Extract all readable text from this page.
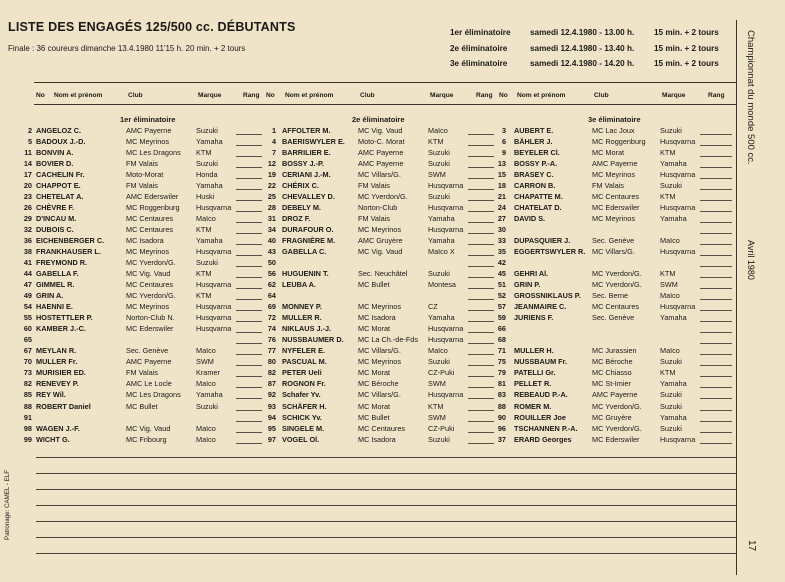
LISTE DES ENGAGÉS 125/500 cc. DÉBUTANTS
Finale : 36 coureurs dimanche 13.4.1980 11'15 h. 20 min. + 2 tours
1er éliminatoire	samedi 12.4.1980 - 13.00 h.	15 min. + 2 tours
2e éliminatoire	samedi 12.4.1980 - 13.40 h.	15 min. + 2 tours
3e éliminatoire	samedi 12.4.1980 - 14.20 h.	15 min. + 2 tours	Championnat du monde 500 cc.
Avril 1980
17
Patronage: CAMEL - ELF
No Nom et prénom	Club	Marque	Rang No Nom et prénom	Club	Marque	Rang No Nom et prénom	Club	Marque	Rang
1er éliminatoire	2e éliminatoire	3e éliminatoire
2 ANGELOZ C.	AMC Payerne	Suzuki
5 BADOUX J.-D.	MC Meyrinos	Yamaha
11 BONVIN A.	MC Les Dragons	KTM
14 BOVIER D.	FM Valais	Suzuki
17 CACHELIN Fr.	Moto-Morat	Honda
20 CHAPPOT E.	FM Valais	Yamaha
23 CHETELAT A.	AMC Ederswiler	Huski
26 CHÈVRE F.	MC Roggenburg	Husqvarna
29 D'INCAU M.	MC Centaures	Maïco
32 DUBOIS C.	MC Centaures	KTM
36 EICHENBERGER C.	MC Isadora	Yamaha
38 FRANKHAUSER L.	MC Meyrinos	Husqvarna
41 FREYMOND R.	MC Yverdon/G.	Suzuki
44 GABELLA F.	MC Vig. Vaud	KTM
47 GIMMEL R.	MC Centaures	Husqvarna
49 GRIN A.	MC Yverdon/G.	KTM
54 HAENNI E.	MC Meyrinos	Husqvarna
55 HOSTETTLER P.	Norton-Club N.	Husqvarna
60 KAMBER J.-C.	MC Ederswiler	Husqvarna
65
67 MEYLAN R.	Sec. Genève	Maïco
70 MULLER Fr.	AMC Payerne	SWM
73 MURISIER ED.	FM Valais	Kramer
82 RENEVEY P.	AMC Le Locle	Maïco
85 REY Wil.	MC Les Dragons	Yamaha
88 ROBERT Daniel	MC Bullet	Suzuki
91
98 WAGEN J.-F.	MC Vig. Vaud	Maïco
99 WICHT G.	MC Fribourg	Maïco
1 AFFOLTER M.	MC Vig. Vaud	Maïco
4 BAERISWYLER E.	Moto-C. Morat	KTM
7 BARRILIER E.	AMC Payerne	Suzuki
12 BOSSY J.-P.	AMC Payerne	Suzuki
19 CERIANI J.-M.	MC Villars/G.	SWM
22 CHÉRIX C.	FM Valais	Husqvarna
25 CHEVALLEY D.	MC Yverdon/G.	Suzuki
28 DEBELY M.	Norton-Club	Husqvarna
31 DROZ F.	FM Valais	Yamaha
34 DURAFOUR O.	MC Meyrinos	Husqvarna
40 FRAGNIÈRE M.	AMC Gruyère	Yamaha
43 GABELLA C.	MC Vig. Vaud	Maïco X
50
56 HUGUENIN T.	Sec. Neuchâtel	Suzuki
62 LEUBA A.	MC Bullet	Montesa
64
69 MONNEY P.	MC Meyrinos	CZ
72 MULLER R.	MC Isadora	Yamaha
74 NIKLAUS J.-J.	MC Morat	Husqvarna
76 NUSSBAUMER D.	MC La Ch.-de-Fds	Husqvarna
77 NYFELER E.	MC Villars/G.	Maïco
80 PASCUAL M.	MC Meyrinos	Suzuki
82 PETER Ueli	MC Morat	CZ-Puki
87 ROGNON Fr.	MC Béroche	SWM
92 Schafer Yv.	MC Villars/G.	Husqvarna
93 SCHÄFER H.	MC Morat	KTM
94 SCHICK Yv.	MC Bullet	SWM
95 SINGELE M.	MC Centaures	CZ-Puki
97 VOGEL Ol.	MC Isadora	Suzuki
3 AUBERT E.	MC Lac Joux	Suzuki
6 BÄHLER J.	MC Roggenburg	Husqvarna
9 BEYELER Cl.	MC Morat	KTM
13 BOSSY P.-A.	AMC Payerne	Yamaha
15 BRASEY C.	MC Meyrinos	Husqvarna
18 CARRON B.	FM Valais	Suzuki
21 CHAPATTE M.	MC Centaures	KTM
24 CHATELAT D.	MC Ederswiler	Husqvarna
27 DAVID S.	MC Meyrinos	Yamaha
30
33 DUPASQUIER J.	Sec. Genève	Maïco
35 EGGERTSWYLER R. MC Villars/G.	Husqvarna
42
45 GEHRI Al.	MC Yverdon/G.	KTM
51 GRIN P.	MC Yverdon/G.	SWM
52 GROSSNIKLAUS P.	Sec. Berne	Maïco
57 JEANMAIRE C.	MC Centaures	Husqvarna
59 JURIENS F.	Sec. Genève	Yamaha
66
68
71 MULLER H.	MC Jurassien	Maïco
75 NUSSBAUM Fr.	MC Béroche	Suzuki
79 PATELLI Gr.	MC Chiasso	KTM
81 PELLET R.	MC St-Imier	Yamaha
83 REBEAUD P.-A.	AMC Payerne	Suzuki
88 ROMER M.	MC Yverdon/G.	Suzuki
90 ROUILLER Joe	MC Gruyère	Yamaha
96 TSCHANNEN P.-A.	MC Yverdon/G.	Suzuki
37 ERARD Georges	MC Ederswiler	Husqvarna
